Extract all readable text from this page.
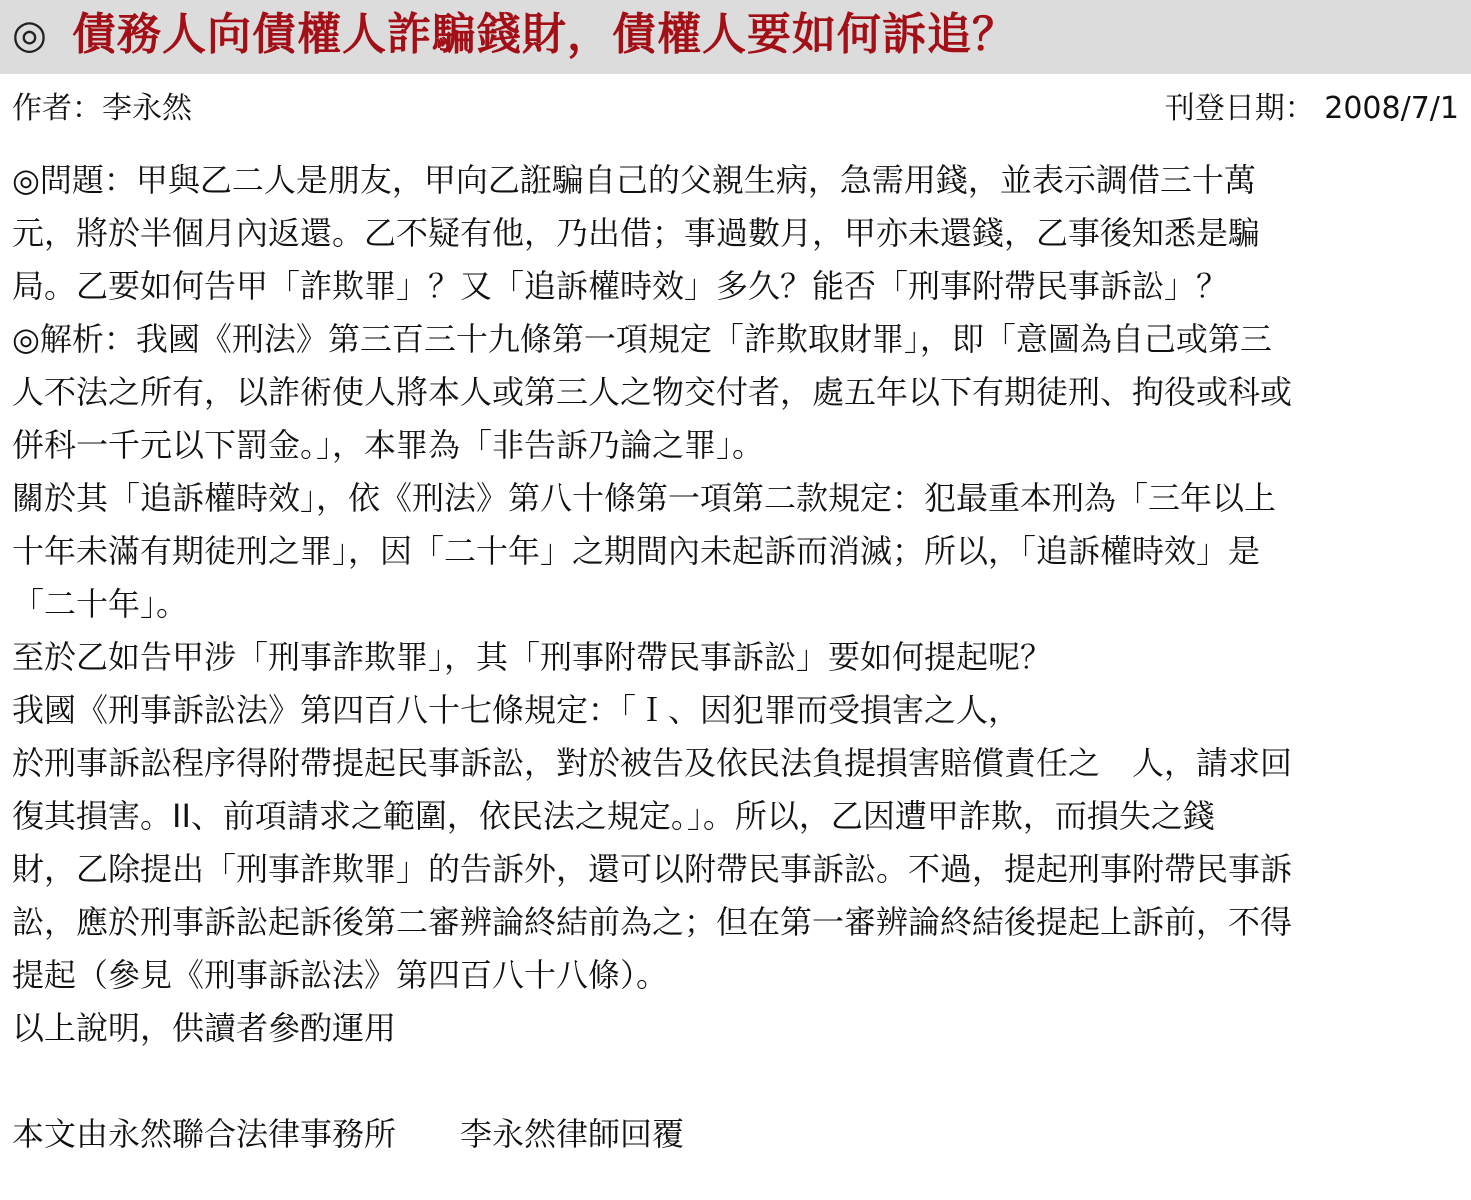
◎ 債務人向債權人詐騙錢財，債權人要如何訴追？
作者：李永然	刊登日期： 2008/7/1
◎問題：甲與乙二人是朋友，甲向乙誑騙自己的父親生病，急需用錢，並表示調借三十萬
元，將於半個月內返還。乙不疑有他，乃出借；事過數月，甲亦未還錢，乙事後知悉是騙
局。乙要如何告甲「詐欺罪」？又「追訴權時效」多久？能否「刑事附帶民事訴訟」？
◎解析：我國《刑法》第三百三十九條第一項規定「詐欺取財罪」，即「意圖為自己或第三
人不法之所有，以詐術使人將本人或第三人之物交付者，處五年以下有期徒刑、拘役或科或
併科一千元以下罰金。」，本罪為「非告訴乃論之罪」。
關於其「追訴權時效」，依《刑法》第八十條第一項第二款規定：犯最重本刑為「三年以上
十年未滿有期徒刑之罪」，因「二十年」之期間內未起訴而消滅；所以，「追訴權時效」是
「二十年」。
至於乙如告甲涉「刑事詐欺罪」，其「刑事附帶民事訴訟」要如何提起呢？
我國《刑事訴訟法》第四百八十七條規定：「Ｉ、因犯罪而受損害之人，
於刑事訴訟程序得附帶提起民事訴訟，對於被告及依民法負提損害賠償責任之　人，請求回
復其損害。II、前項請求之範圍，依民法之規定。」。所以，乙因遭甲詐欺，而損失之錢
財，乙除提出「刑事詐欺罪」的告訴外，還可以附帶民事訴訟。不過，提起刑事附帶民事訴
訟，應於刑事訴訟起訴後第二審辨論終結前為之；但在第一審辨論終結後提起上訴前，不得
提起（參見《刑事訴訟法》第四百八十八條）。
以上說明，供讀者參酌運用
本文由永然聯合法律事務所　　李永然律師回覆
